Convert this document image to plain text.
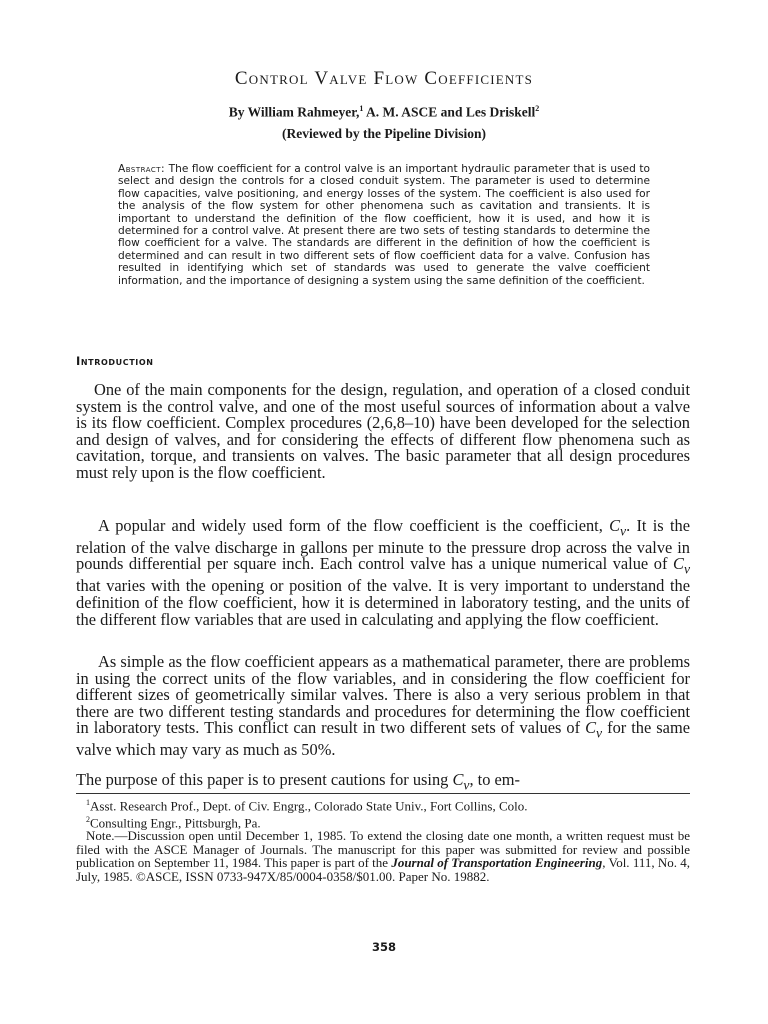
Control Valve Flow Coefficients
By William Rahmeyer,$^1$ A. M. ASCE and Les Driskell$^2$
(Reviewed by the Pipeline Division)

Abstract: The flow coefficient for a control valve is an important hydraulic parameter that is used to select and design the controls for a closed conduit system. The parameter is used to determine flow capacities, valve positioning, and energy losses of the system. The coefficient is also used for the analysis of the flow system for other phenomena such as cavitation and transients. It is important to understand the definition of the flow coefficient, how it is used, and how it is determined for a control valve. At present there are two sets of testing standards to determine the flow coefficient for a valve. The standards are different in the definition of how the coefficient is determined and can result in two different sets of flow coefficient data for a valve. Confusion has resulted in identifying which set of standards was used to generate the valve coefficient information, and the importance of designing a system using the same definition of the coefficient.

Introduction

One of the main components for the design, regulation, and operation of a closed conduit system is the control valve, and one of the most useful sources of information about a valve is its flow coefficient. Complex procedures (2,6,8–10) have been developed for the selection and design of valves, and for considering the effects of different flow phenomena such as cavitation, torque, and transients on valves. The basic parameter that all design procedures must rely upon is the flow coefficient.

A popular and widely used form of the flow coefficient is the coefficient, $C_v$. It is the relation of the valve discharge in gallons per minute to the pressure drop across the valve in pounds differential per square inch. Each control valve has a unique numerical value of $C_v$ that varies with the opening or position of the valve. It is very important to understand the definition of the flow coefficient, how it is determined in laboratory testing, and the units of the different flow variables that are used in calculating and applying the flow coefficient.

As simple as the flow coefficient appears as a mathematical parameter, there are problems in using the correct units of the flow variables, and in considering the flow coefficient for different sizes of geometrically similar valves. There is also a very serious problem in that there are two different testing standards and procedures for determining the flow coefficient in laboratory tests. This conflict can result in two different sets of values of $C_v$ for the same valve which may vary as much as 50%.

The purpose of this paper is to present cautions for using $C_v$, to em-

$^1$Asst. Research Prof., Dept. of Civ. Engrg., Colorado State Univ., Fort Collins, Colo.

$^2$Consulting Engr., Pittsburgh, Pa.

Note.—Discussion open until December 1, 1985. To extend the closing date one month, a written request must be filed with the ASCE Manager of Journals. The manuscript for this paper was submitted for review and possible publication on September 11, 1984. This paper is part of the Journal of Transportation Engineering, Vol. 111, No. 4, July, 1985. ©ASCE, ISSN 0733-947X/85/0004-0358/$01.00. Paper No. 19882.

358
